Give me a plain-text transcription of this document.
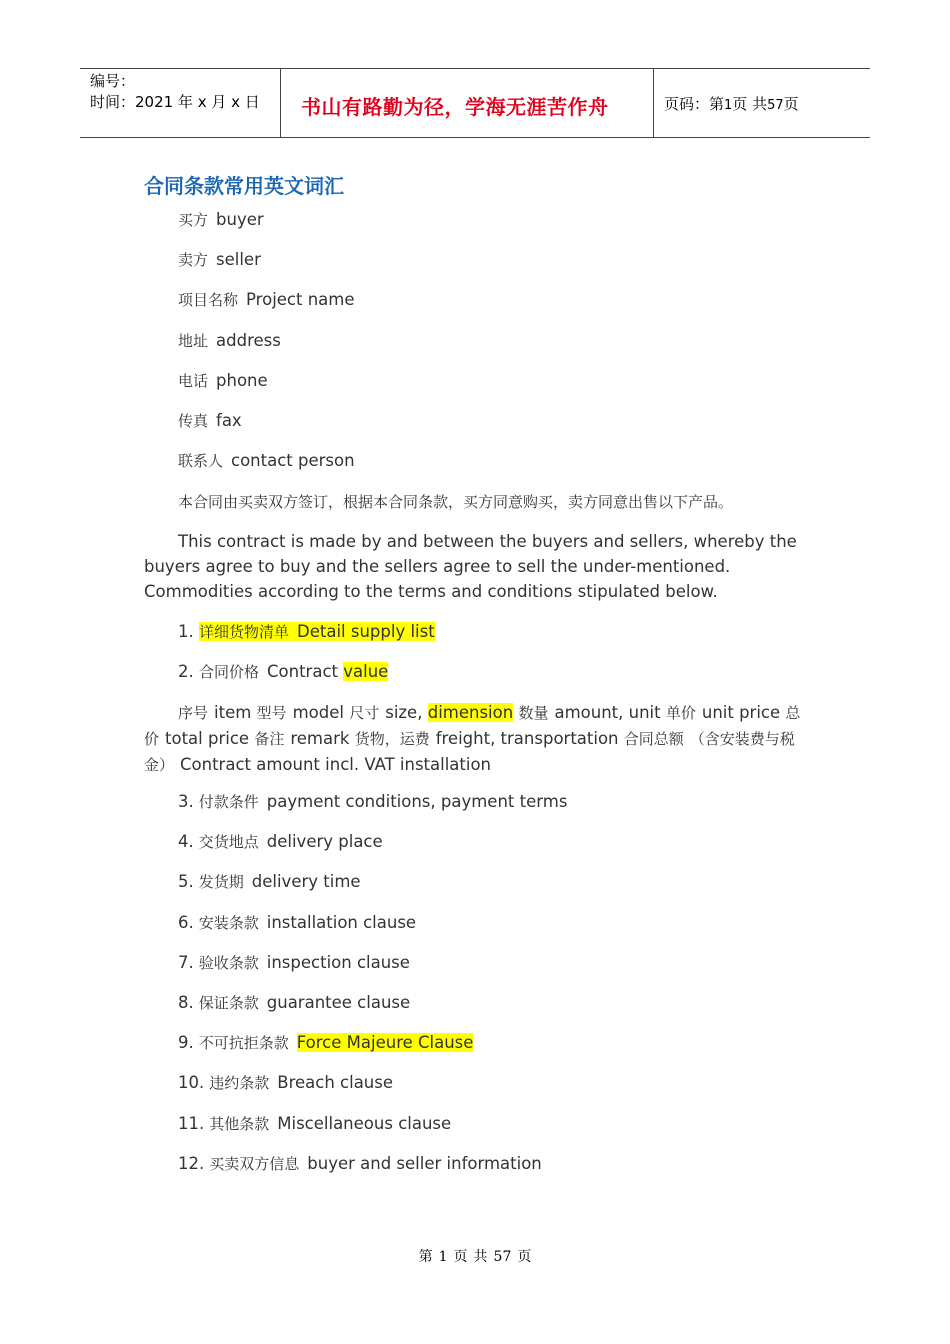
编号：
时间：2021 年 x 月 x 日	书山有路勤为径，学海无涯苦作舟	页码：第1页 共57页
合同条款常用英文词汇
买方 buyer
卖方 seller
项目名称 Project name
地址 address
电话 phone
传真 fax
联系人 contact person
本合同由买卖双方签订，根据本合同条款，买方同意购买，卖方同意出售以下产品。
This contract is made by and between the buyers and sellers, whereby the buyers agree to buy and the sellers agree to sell the under-mentioned. Commodities according to the terms and conditions stipulated below.
1. 详细货物清单 Detail supply list
2. 合同价格 Contract value
序号 item 型号 model 尺寸 size, dimension 数量 amount, unit 单价 unit price 总价 total price 备注 remark 货物，运费 freight, transportation 合同总额 （含安装费与税金） Contract amount incl. VAT installation
3. 付款条件 payment conditions, payment terms
4. 交货地点 delivery place
5. 发货期 delivery time
6. 安装条款 installation clause
7. 验收条款 inspection clause
8. 保证条款 guarantee clause
9. 不可抗拒条款 Force Majeure Clause
10. 违约条款 Breach clause
11. 其他条款 Miscellaneous clause
12. 买卖双方信息 buyer and seller information
第 1 页 共 57 页
